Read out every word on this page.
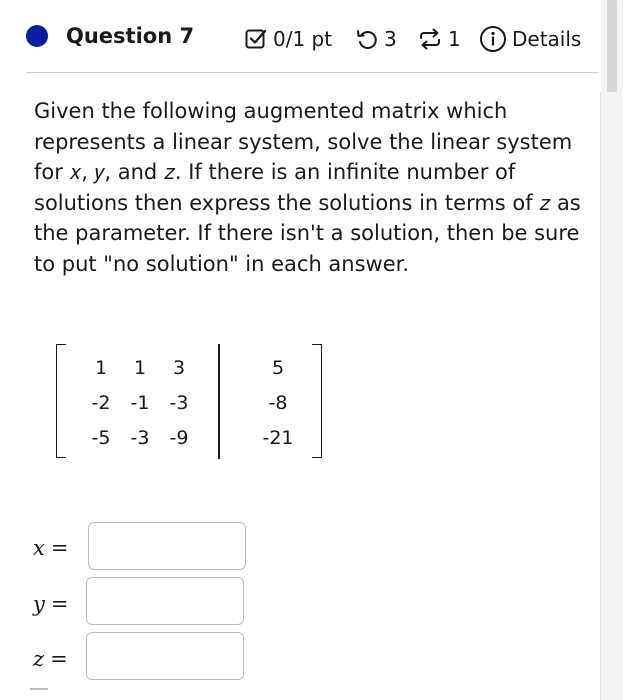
Question 7	0/1 pt	3	1	Details
Given the following augmented matrix which
represents a linear system, solve the linear system
for 𝑥, 𝑦, and 𝑧. If there is an infinite number of
solutions then express the solutions in terms of 𝑧 as
the parameter. If there isn't a solution, then be sure
to put "no solution" in each answer.
1	1	3	5
-2	-1	-3	-8
-5	-3	-9	-21
x =
y =
z =
